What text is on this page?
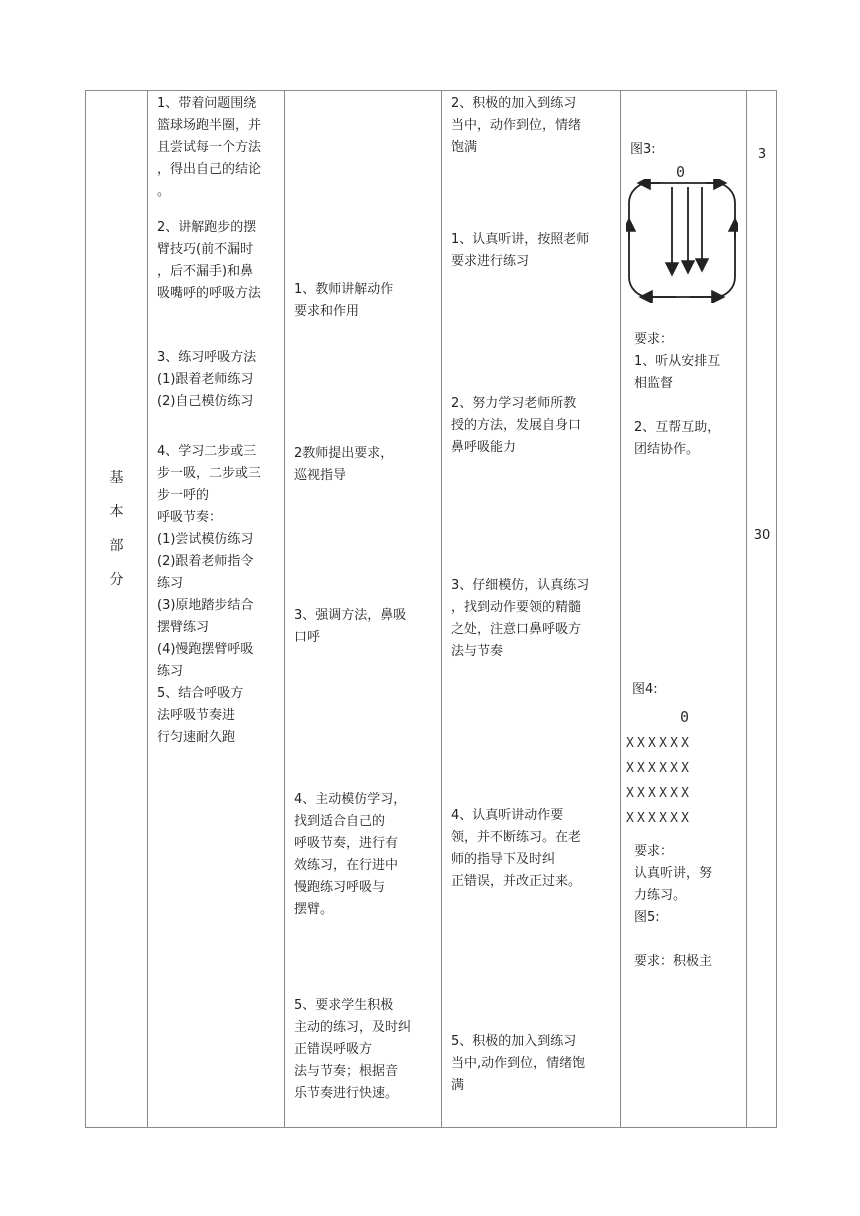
基
本
部
分
1、带着问题围绕
篮球场跑半圈，并
且尝试每一个方法
，得出自己的结论
。
2、讲解跑步的摆
臂技巧(前不漏时
，后不漏手)和鼻
吸嘴呼的呼吸方法
3、练习呼吸方法
(1)跟着老师练习
(2)自己模仿练习
4、学习二步或三
步一吸，二步或三
步一呼的
呼吸节奏：
(1)尝试模仿练习
(2)跟着老师指令
练习
(3)原地踏步结合
摆臂练习
(4)慢跑摆臂呼吸
练习
5、结合呼吸方
法呼吸节奏进
行匀速耐久跑
1、教师讲解动作
要求和作用
2教师提出要求，
巡视指导
3、强调方法，鼻吸
口呼
4、主动模仿学习，
找到适合自己的
呼吸节奏，进行有
效练习，在行进中
慢跑练习呼吸与
摆臂。
5、要求学生积极
主动的练习，及时纠
正错误呼吸方
法与节奏；根据音
乐节奏进行快速。
2、积极的加入到练习
当中，动作到位，情绪
饱满
1、认真听讲，按照老师
要求进行练习
2、努力学习老师所教
授的方法，发展自身口
鼻呼吸能力
3、仔细模仿，认真练习
，找到动作要领的精髓
之处，注意口鼻呼吸方
法与节奏
4、认真听讲动作要
领，并不断练习。在老
师的指导下及时纠
正错误，并改正过来。
5、积极的加入到练习
当中,动作到位，情绪饱
满
图3:
0
要求：
1、听从安排互
相监督

2、互帮互助，
团结协作。
图4:
0
XXXXXX
XXXXXX
XXXXXX
XXXXXX
要求：
认真听讲，努
力练习。
图5:

要求：积极主
3
30
